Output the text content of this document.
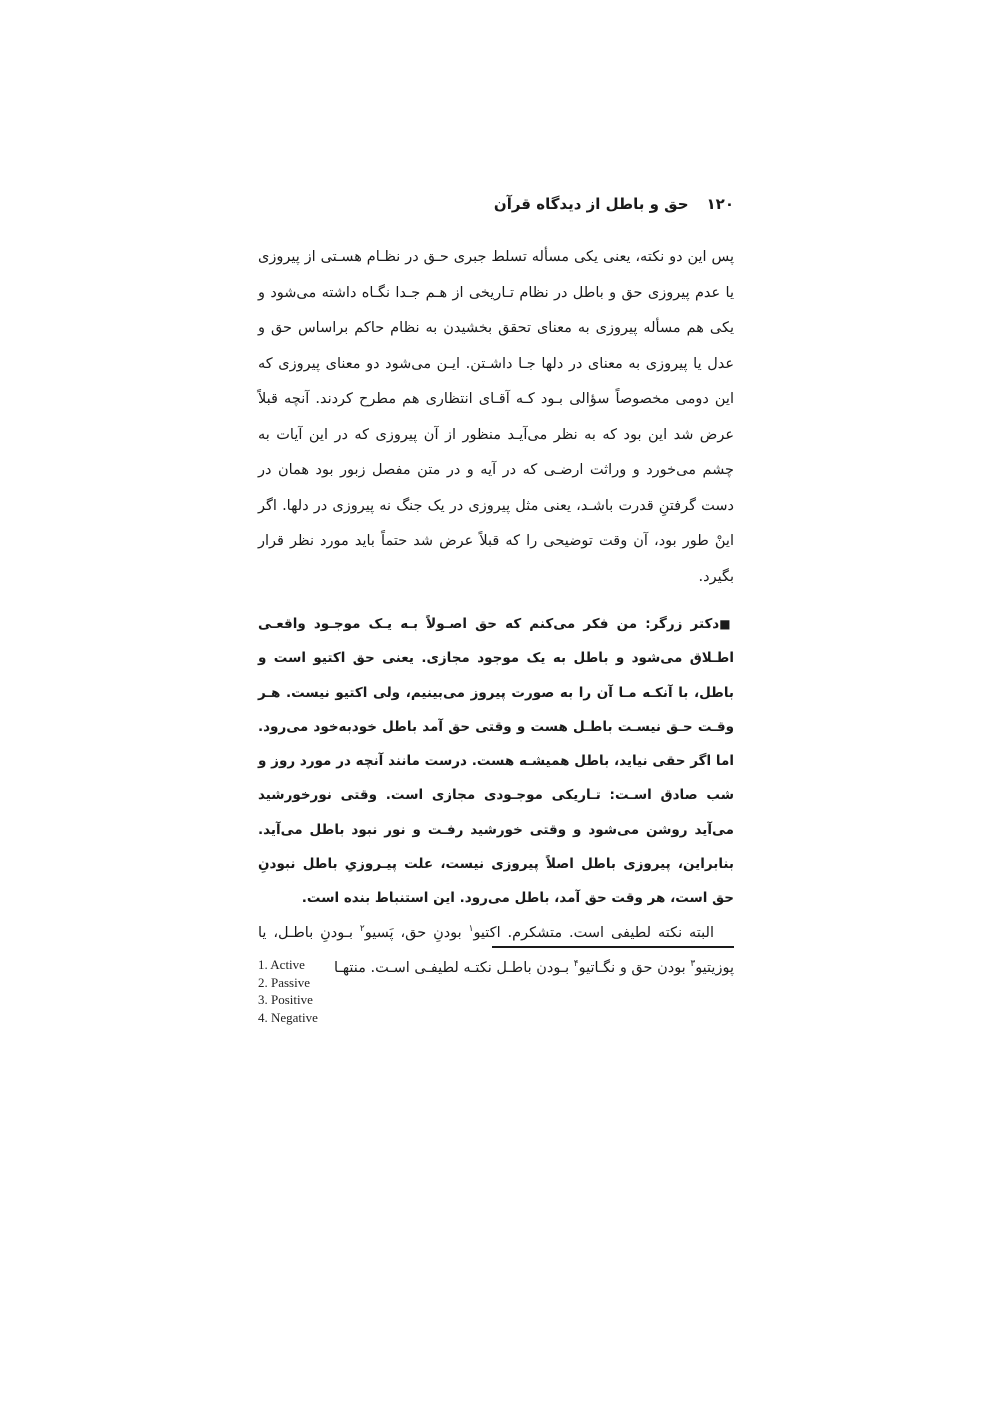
۱۲۰
حق و باطل از دیدگاه قرآن

پس این دو نکته، یعنی یکی مسأله تسلط جبری حـق در نظـام هسـتی از پیروزی یا عدم پیروزی حق و باطل در نظام تـاریخی از هـم جـدا نگـاه داشته می‌شود و یکی هم مسأله پیروزی به معنای تحقق بخشیدن به نظام حاکم براساس حق و عدل یا پیروزی به معنای در دلها جـا داشـتن. ایـن می‌شود دو معنای پیروزی که این دومی مخصوصاً سؤالی بـود کـه آقـای انتظاری هم مطرح کردند. آنچه قبلاً عرض شد این بود که به نظر می‌آیـد منظور از آن پیروزی که در این آیات به چشم می‌خورد و وراثت ارضـی که در آیه و در متن مفصل زبور بود همان در دست گرفتنِ قدرت باشـد، یعنی مثل پیروزی در یک جنگ نه پیروزی در دلها. اگر اینْ طور بود، آن وقت توضیحی را که قبلاً عرض شد حتماً باید مورد نظر قرار بگیرد.

■دکتر زرگر: من فکر می‌کنم که حق اصـولاً بـه یـک موجـود واقعـی اطـلاق می‌شود و باطل به یک موجود مجازی. یعنی حق اکتیو است و باطل، با آنکـه مـا آن را به صورت پیروز می‌بینیم، ولی اکتیو نیست. هـر وقـت حـق نیسـت باطـل هست و وقتی حق آمد باطل خودبه‌خود می‌رود. اما اگر حقی نیاید، باطل همیشـه هست. درست مانند آنچه در مورد روز و شب صادق اسـت: تـاریکی موجـودی مجازی است. وقتی نورخورشید می‌آید روشن می‌شود و وقتی خورشید رفـت و نور نبود باطل می‌آید. بنابراین، پیروزی باطل اصلاً پیروزی نیست، علت پیـروزیِ باطل نبودنِ حق است، هر وقت حق آمد، باطل می‌رود. این استنباط بنده است.

البته نکته لطیفی است. متشکرم. اکتیو$^۱$ بودنِ حق، پَسیو$^۲$ بـودنِ باطـل، یا پوزیتیو$^۳$ بودن حق و نگـاتیو$^۴$ بـودن باطـل نکتـه لطیفـی اسـت. منتهـا

1. Active
2. Passive
3. Positive
4. Negative
